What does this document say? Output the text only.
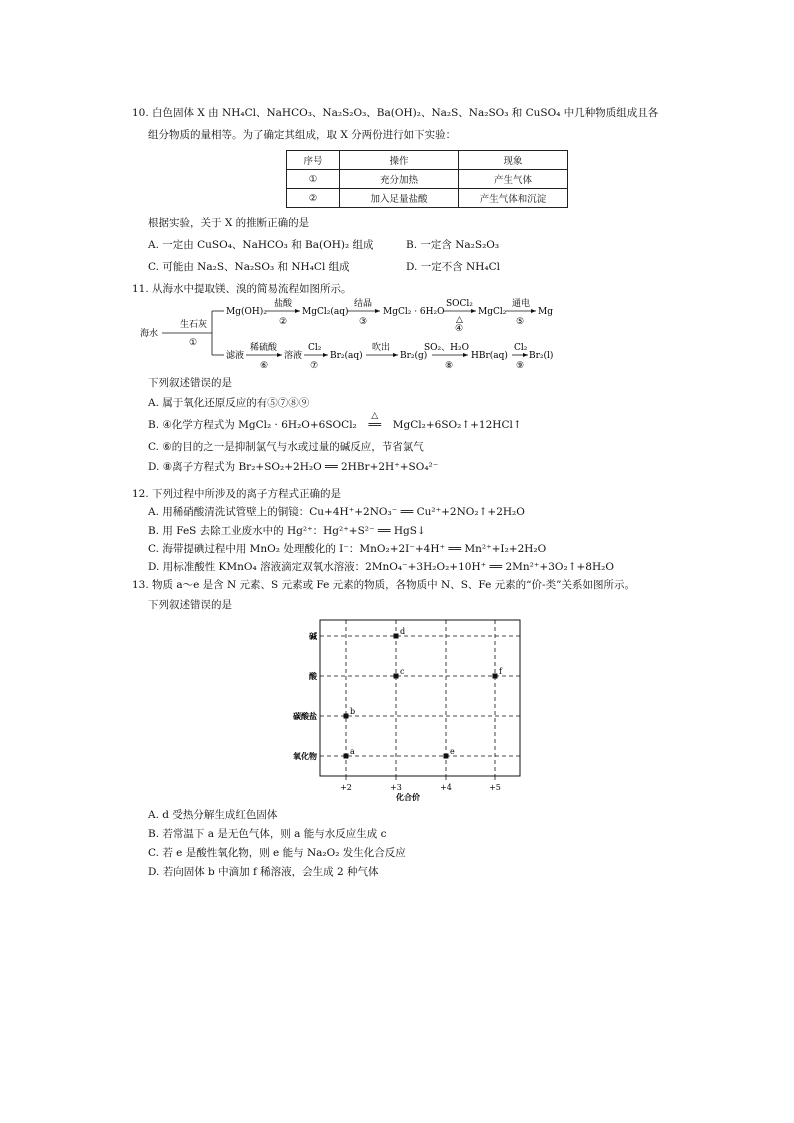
10. 白色固体 X 由 NH₄Cl、NaHCO₃、Na₂S₂O₃、Ba(OH)₂、Na₂S、Na₂SO₃ 和 CuSO₄ 中几种物质组成且各
组分物质的量相等。为了确定其组成，取 X 分两份进行如下实验：
序号	操作	现象
①	充分加热	产生气体
②	加入足量盐酸	产生气体和沉淀
根据实验，关于 X 的推断正确的是
A. 一定由 CuSO₄、NaHCO₃ 和 Ba(OH)₂ 组成	B. 一定含 Na₂S₂O₃
C. 可能由 Na₂S、Na₂SO₃ 和 NH₄Cl 组成	D. 一定不含 NH₄Cl
11. 从海水中提取镁、溴的简易流程如图所示。
海水
生石灰
①
Mg(OH)₂
盐酸
②
MgCl₂(aq)
结晶
③
MgCl₂ · 6H₂O
SOCl₂
△
④
MgCl₂
通电
⑤
Mg
滤液
稀硫酸
⑥
溶液
Cl₂
⑦
Br₂(aq)
吹出
Br₂(g)
SO₂、H₂O
⑧
HBr(aq)
Cl₂
⑨
Br₂(l)
下列叙述错误的是
A. 属于氧化还原反应的有⑤⑦⑧⑨
B. ④化学方程式为 MgCl₂ · 6H₂O+6SOCl₂
△
══ MgCl₂+6SO₂↑+12HCl↑
C. ⑥的目的之一是抑制氯气与水或过量的碱反应，节省氯气
D. ⑧离子方程式为 Br₂+SO₂+2H₂O ══ 2HBr+2H⁺+SO₄²⁻
12. 下列过程中所涉及的离子方程式正确的是
A. 用稀硝酸清洗试管壁上的铜镜：Cu+4H⁺+2NO₃⁻ ══ Cu²⁺+2NO₂↑+2H₂O
B. 用 FeS 去除工业废水中的 Hg²⁺：Hg²⁺+S²⁻ ══ HgS↓
C. 海带提碘过程中用 MnO₂ 处理酸化的 I⁻：MnO₂+2I⁻+4H⁺ ══ Mn²⁺+I₂+2H₂O
D. 用标准酸性 KMnO₄ 溶液滴定双氧水溶液：2MnO₄⁻+3H₂O₂+10H⁺ ══ 2Mn²⁺+3O₂↑+8H₂O
13. 物质 a～e 是含 N 元素、S 元素或 Fe 元素的物质，各物质中 N、S、Fe 元素的“价-类”关系如图所示。
下列叙述错误的是
碱
酸
碳酸盐
氧化物
+2	+3	+4	+5
d
c	f
b
a	e
化合价
A. d 受热分解生成红色固体
B. 若常温下 a 是无色气体，则 a 能与水反应生成 c
C. 若 e 是酸性氧化物，则 e 能与 Na₂O₂ 发生化合反应
D. 若向固体 b 中滴加 f 稀溶液，会生成 2 种气体
